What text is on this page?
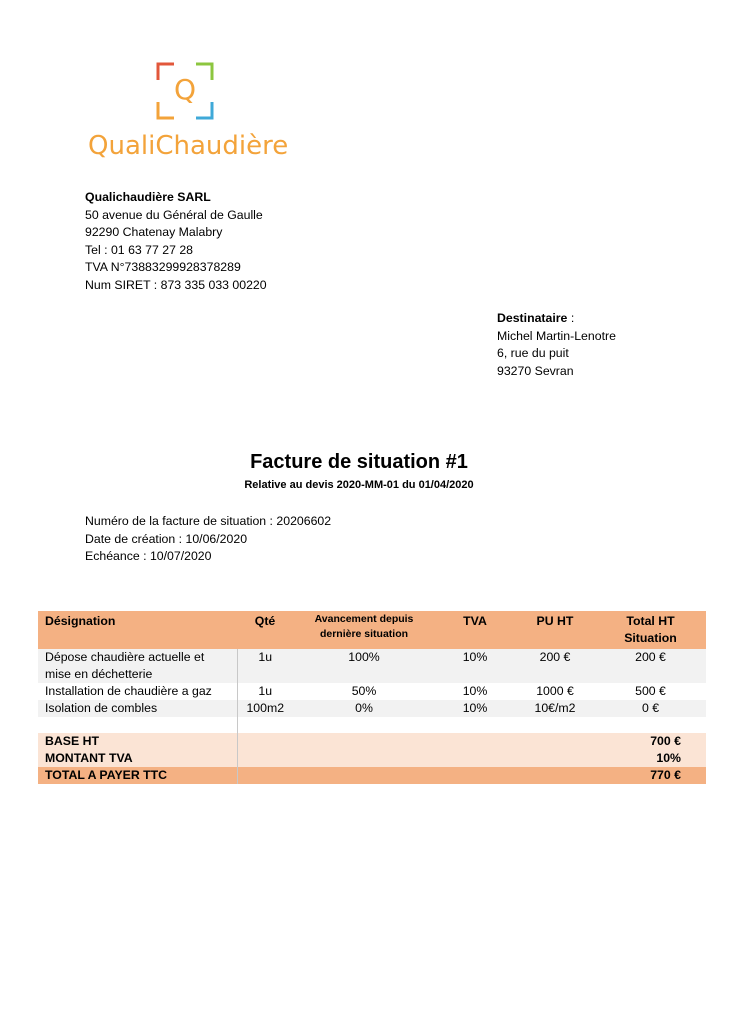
Q
QualiChaudière
Qualichaudière SARL
50 avenue du Général de Gaulle
92290 Chatenay Malabry
Tel : 01 63 77 27 28
TVA N°73883299928378289
Num SIRET : 873 335 033 00220
Destinataire :
Michel Martin-Lenotre
6, rue du puit
93270 Sevran
Facture de situation #1
Relative au devis 2020-MM-01 du 01/04/2020
Numéro de la facture de situation : 20206602
Date de création : 10/06/2020
Echéance : 10/07/2020
Désignation	Qté	Avancement depuis dernière situation	TVA	PU HT	Total HT Situation
Dépose chaudière actuelle et mise en déchetterie	1u	100%	10%	200 €	200 €
Installation de chaudière a gaz	1u	50%	10%	1000 €	500 €
Isolation de combles	100m2	0%	10%	10€/m2	0 €

BASE HT					700 €
MONTANT TVA					10%
TOTAL A PAYER TTC					770 €
